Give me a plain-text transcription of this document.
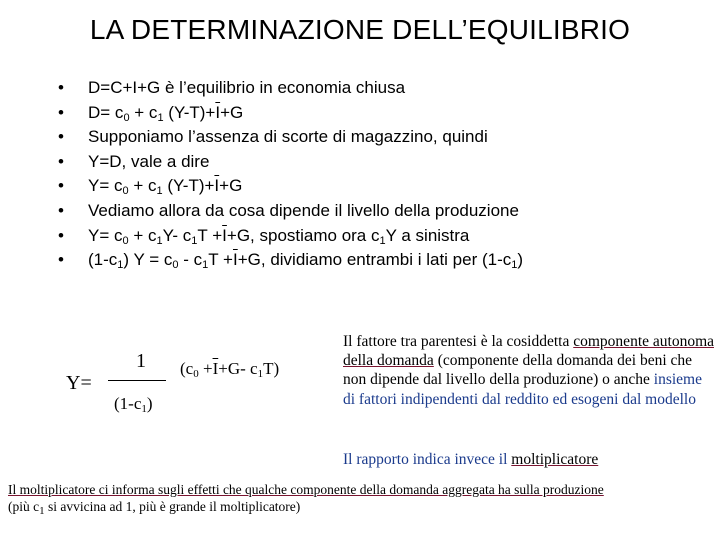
LA DETERMINAZIONE DELL’EQUILIBRIO
• D=C+I+G è l’equilibrio in economia chiusa
• $D= c_0 + c_1$ $(Y-T)+\overline{I}+G$
• Supponiamo l’assenza di scorte di magazzino, quindi
• Y=D, vale a dire
• $Y= c_0 + c_1$ $(Y-T)+\overline{I}+G$
• Vediamo allora da cosa dipende il livello della produzione
• $Y= c_0 + c_1Y-$ $c_1T +\overline{I}+G$, spostiamo ora $c_1Y$ a sinistra
• $(1-c_1) Y = c_0 - c_1T +\overline{I}+G$, dividiamo entrambi i lati per $(1-c_1)$
Y=
1
$(1-c_1)$
($c_0 +\overline{I}+G-$ $c_1T$)
Il fattore tra parentesi è la cosiddetta componente autonoma della domanda (componente della domanda dei beni che non dipende dal livello della produzione) o anche insieme di fattori indipendenti dal reddito ed esogeni dal modello
Il rapporto indica invece il moltiplicatore
Il moltiplicatore ci informa sugli effetti che qualche componente della domanda aggregata ha sulla produzione
(più $c_1$ si avvicina ad 1, più è grande il moltiplicatore)
